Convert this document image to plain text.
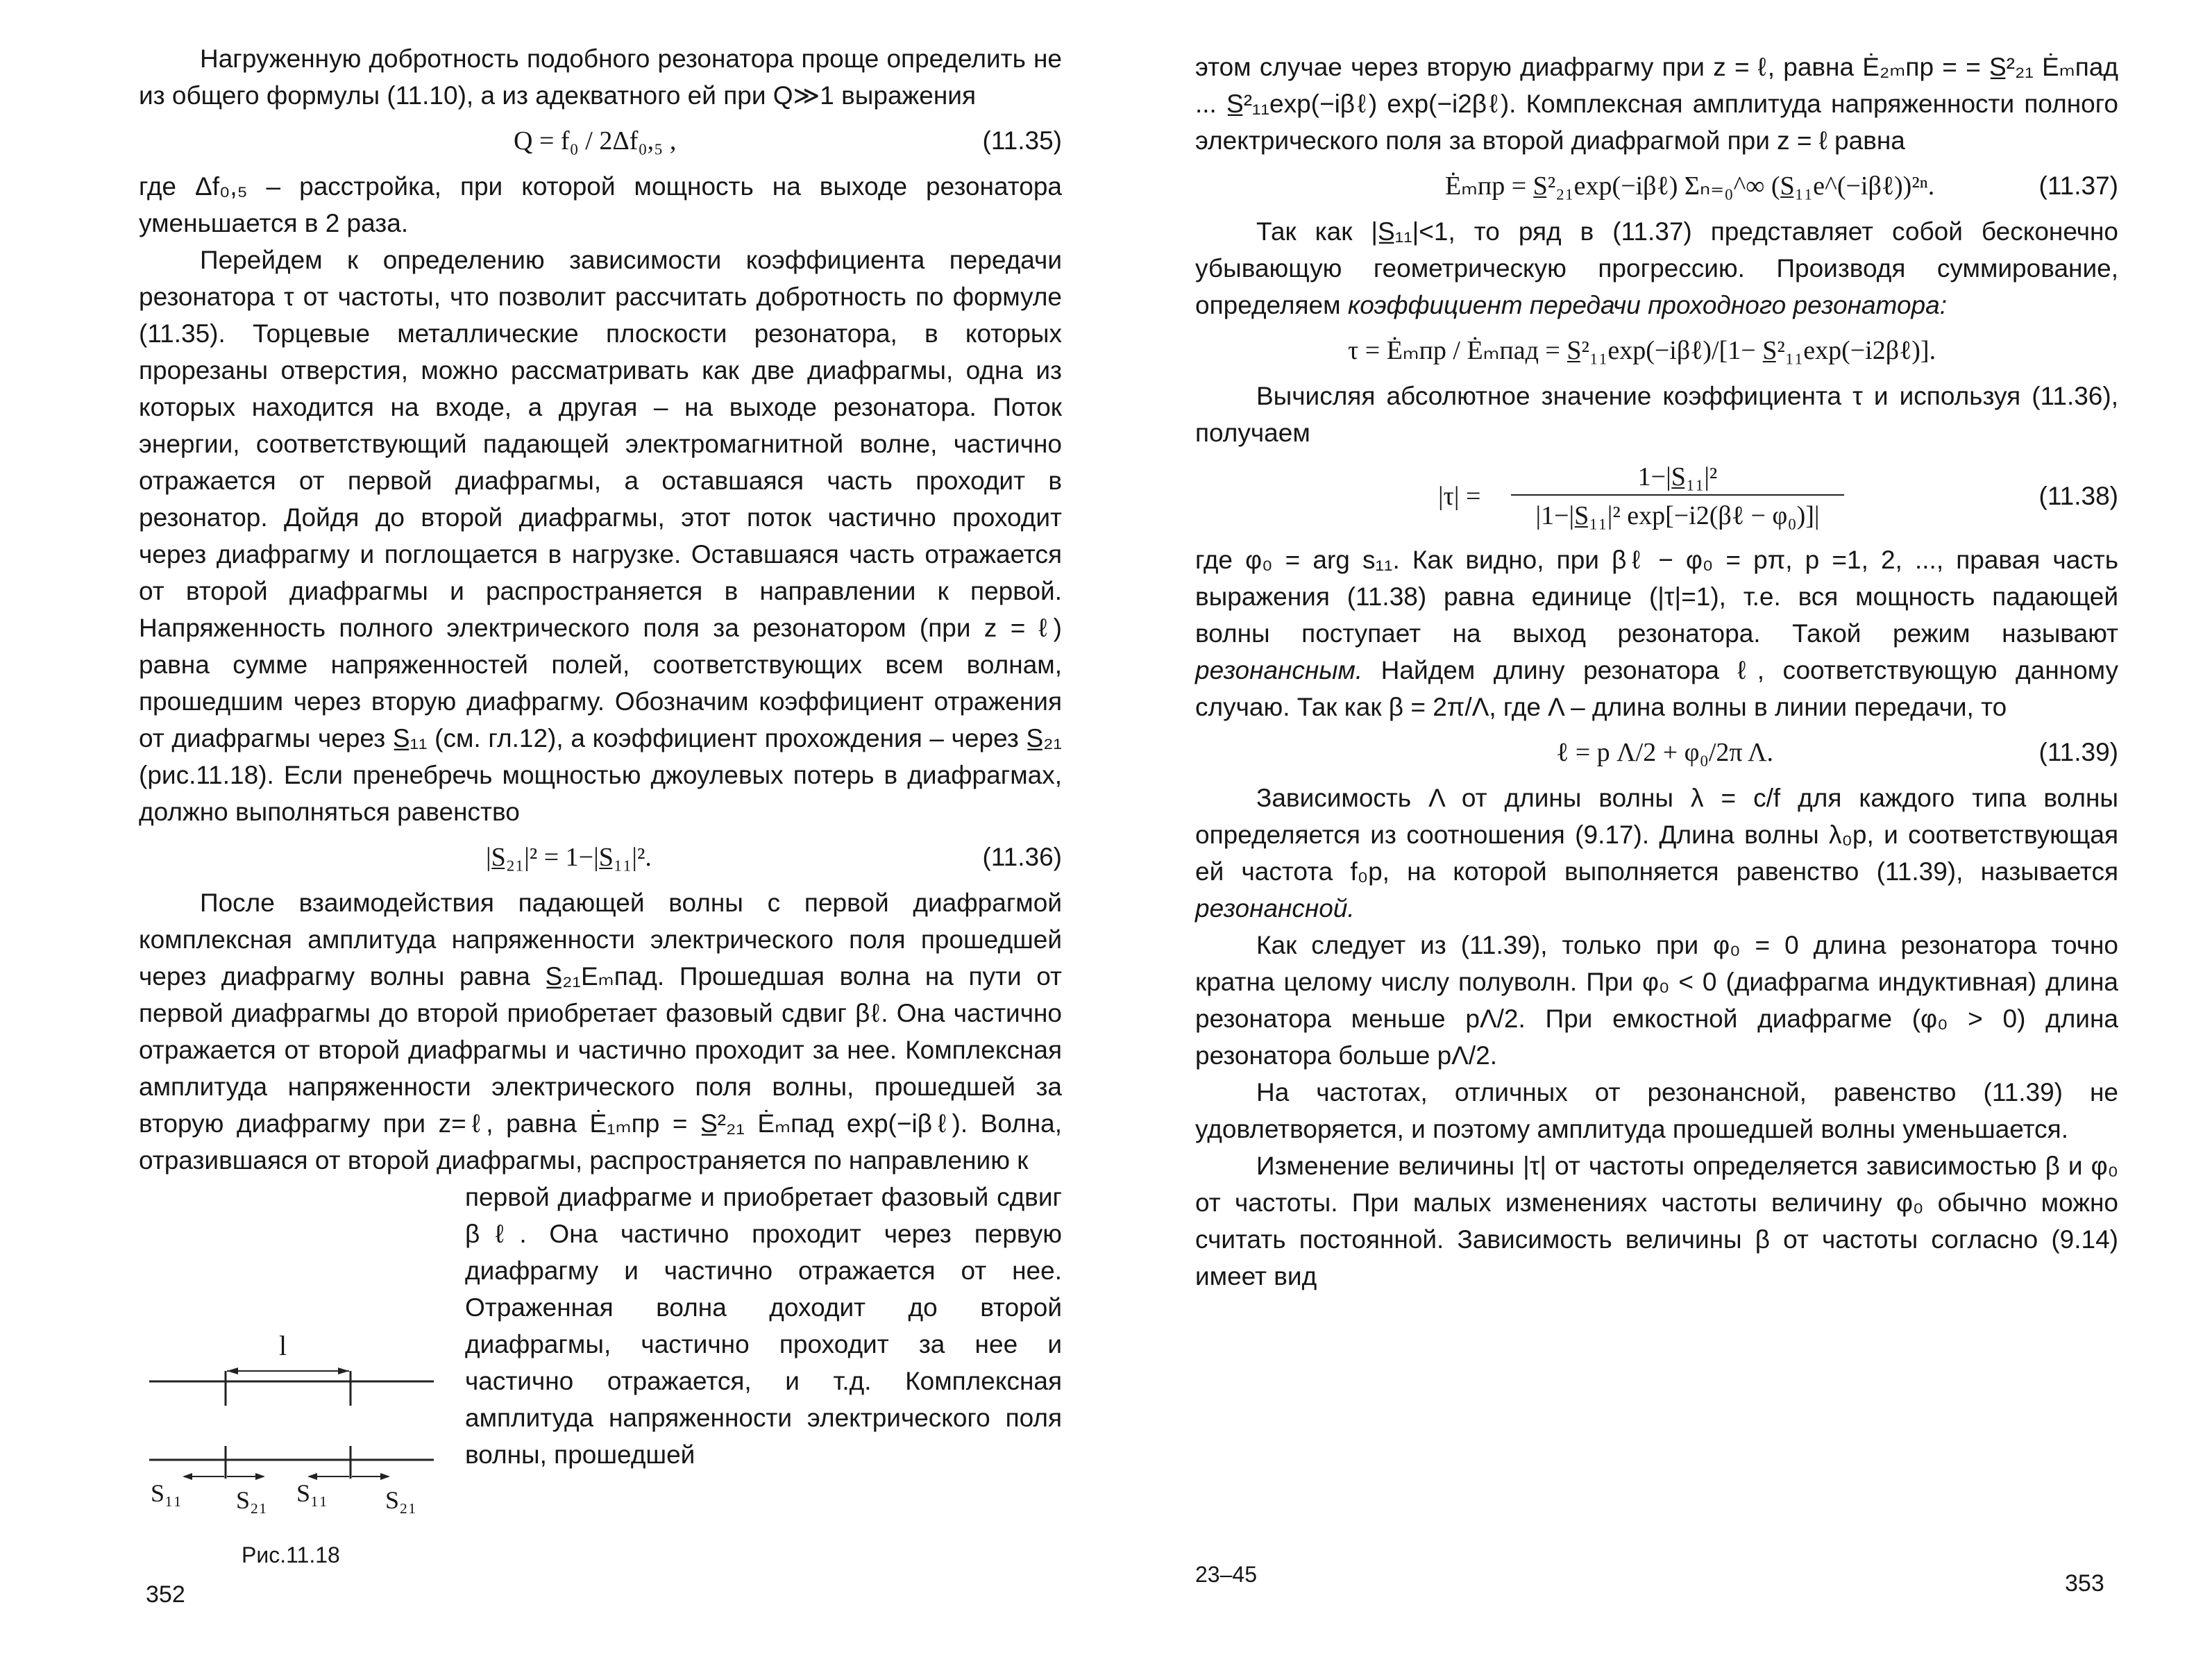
Нагруженную добротность подобного резонатора проще определить не из общего формулы (11.10), а из адекватного ей при Q≫1 выражения

Q = f₀ / 2Δf₀,₅ ,	(11.35)

где Δf₀,₅ – расстройка, при которой мощность на выходе резонатора уменьшается в 2 раза.

Перейдем к определению зависимости коэффициента передачи резонатора τ от частоты, что позволит рассчитать добротность по формуле (11.35). Торцевые металлические плоскости резонатора, в которых прорезаны отверстия, можно рассматривать как две диафрагмы, одна из которых находится на входе, а другая – на выходе резонатора. Поток энергии, соответствующий падающей электромагнитной волне, частично отражается от первой диафрагмы, а оставшаяся часть проходит в резонатор. Дойдя до второй диафрагмы, этот поток частично проходит через диафрагму и поглощается в нагрузке. Оставшаяся часть отражается от второй диафрагмы и распространяется в направлении к первой. Напряженность полного электрического поля за резонатором (при z = ℓ) равна сумме напряженностей полей, соответствующих всем волнам, прошедшим через вторую диафрагму. Обозначим коэффициент отражения от диафрагмы через S̲₁₁ (см. гл.12), а коэффициент прохождения – через S̲₂₁ (рис.11.18). Если пренебречь мощностью джоулевых потерь в диафрагмах, должно выполняться равенство

|S̲₂₁|² = 1−|S̲₁₁|².	(11.36)

После взаимодействия падающей волны с первой диафрагмой комплексная амплитуда напряженности электрического поля прошедшей через диафрагму волны равна S̲₂₁Eₘпад. Прошедшая волна на пути от первой диафрагмы до второй приобретает фазовый сдвиг βℓ. Она частично отражается от второй диафрагмы и частично проходит за нее. Комплексная амплитуда напряженности электрического поля волны, прошедшей за вторую диафрагму при z=ℓ, равна Ė₁ₘпр = S̲²₂₁ Ėₘпад exp(−iβℓ). Волна, отразившаяся от второй диафрагмы, распространяется по направлению к

первой диафрагме и приобретает фазовый сдвиг βℓ. Она частично проходит через первую диафрагму и частично отражается от нее. Отраженная волна доходит до второй диафрагмы, частично проходит за нее и частично отражается, и т.д. Комплексная амплитуда напряженности электрического поля волны, прошедшей

l
S₁₁ S₂₁ S₁₁ S₂₁
Рис.11.18
352

этом случае через вторую диафрагму при z = ℓ, равна Ė₂ₘпр = = S̲²₂₁ Ėₘпад ... S̲²₁₁exp(−iβℓ) exp(−i2βℓ). Комплексная амплитуда напряженности полного электрического поля за второй диафрагмой при z = ℓ равна

Ėₘпр = S̲²₂₁exp(−iβℓ) Σₙ₌₀^∞ (S̲₁₁e^(−iβℓ))²ⁿ.	(11.37)

Так как |S̲₁₁|<1, то ряд в (11.37) представляет собой бесконечно убывающую геометрическую прогрессию. Производя суммирование, определяем коэффициент передачи проходного резонатора:

τ = Ėₘпр / Ėₘпад = S̲²₁₁exp(−iβℓ)/[1− S̲²₁₁exp(−i2βℓ)].

Вычисляя абсолютное значение коэффициента τ и используя (11.36), получаем

|τ| =
1−|S̲₁₁|²
|1−|S̲₁₁|² exp[−i2(βℓ − φ₀)]|
(11.38)

где φ₀ = arg s₁₁. Как видно, при βℓ − φ₀ = pπ, p =1, 2, ..., правая часть выражения (11.38) равна единице (|τ|=1), т.е. вся мощность падающей волны поступает на выход резонатора. Такой режим называют резонансным. Найдем длину резонатора ℓ, соответствующую данному случаю. Так как β = 2π/Λ, где Λ – длина волны в линии передачи, то

ℓ = p Λ/2 + φ₀/2π Λ.	(11.39)

Зависимость Λ от длины волны λ = c/f для каждого типа волны определяется из соотношения (9.17). Длина волны λ₀р, и соответствующая ей частота f₀р, на которой выполняется равенство (11.39), называется резонансной.

Как следует из (11.39), только при φ₀ = 0 длина резонатора точно кратна целому числу полуволн. При φ₀ < 0 (диафрагма индуктивная) длина резонатора меньше pΛ/2. При емкостной диафрагме (φ₀ > 0) длина резонатора больше pΛ/2.

На частотах, отличных от резонансной, равенство (11.39) не удовлетворяется, и поэтому амплитуда прошедшей волны уменьшается.

Изменение величины |τ| от частоты определяется зависимостью β и φ₀ от частоты. При малых изменениях частоты величину φ₀ обычно можно считать постоянной. Зависимость величины β от частоты согласно (9.14) имеет вид

23–45	353
